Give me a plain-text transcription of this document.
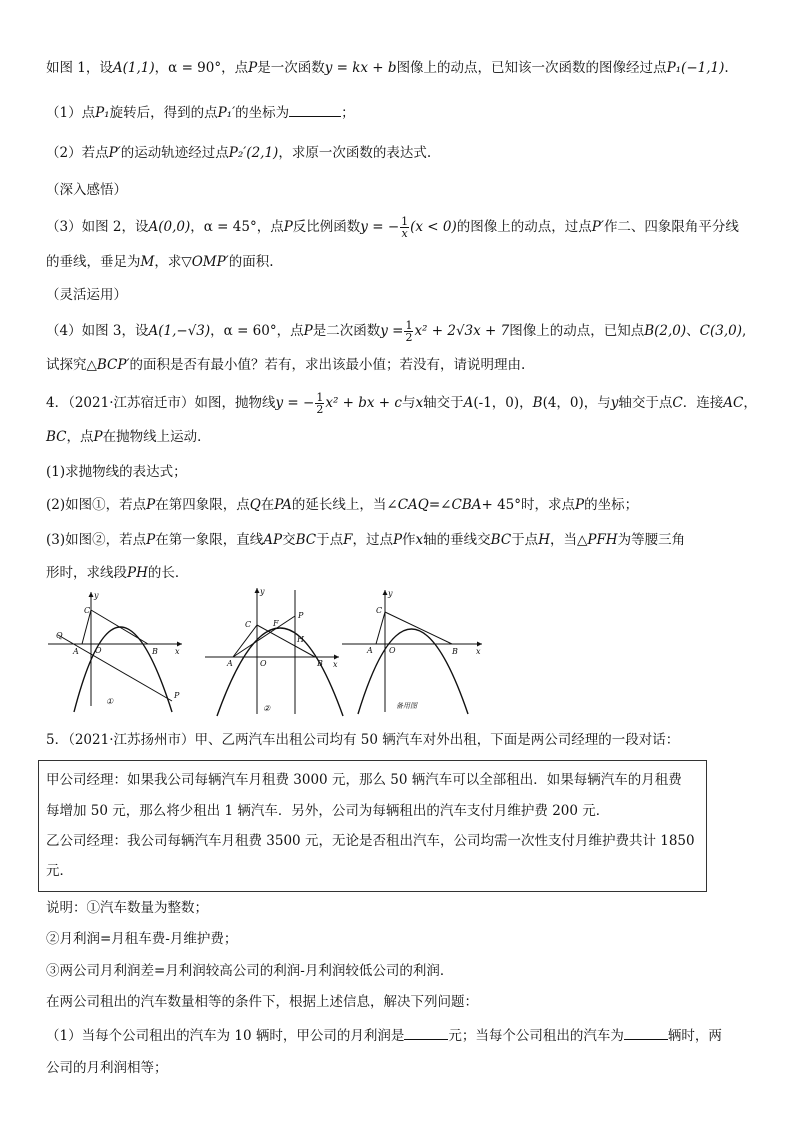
如图 1，设A(1,1)，α = 90°，点P是一次函数y = kx + b图像上的动点，已知该一次函数的图像经过点P₁(−1,1).
（1）点P₁旋转后，得到的点P₁′的坐标为	；
（2）若点P′的运动轨迹经过点P₂′(2,1)，求原一次函数的表达式.
（深入感悟）
（3）如图 2，设A(0,0)，α = 45°，点P反比例函数y = − $\frac{1}{x} (x < 0)$的图像上的动点，过点P′作二、四象限角平分线
的垂线，垂足为M，求▽OMP′的面积.
（灵活运用）
（4）如图 3，设A(1,−√3)，α = 60°，点P是二次函数$y = \frac{1}{2} x^2 + 2√3x + 7$图像上的动点，已知点B(2,0)、C(3,0),
试探究△BCP′的面积是否有最小值？若有，求出该最小值；若没有，请说明理由.
4．（2021·江苏宿迁市）如图，抛物线y = − $\frac{1}{2} x^2$ + bx + c与x轴交于A(-1，0)，B(4，0)，与y轴交于点C．连接AC，
BC，点P在抛物线上运动．
(1)求抛物线的表达式；
(2)如图①，若点P在第四象限，点Q在PA的延长线上，当∠CAQ=∠CBA+ 45°时，求点P的坐标；
(3)如图②，若点P在第一象限，直线AP交BC于点F，过点P作x轴的垂线交BC于点H，当△PFH为等腰三角
形时，求线段PH的长．
y
x
C
Q
A O	B
P
①
y
x
C	F
P
H
A	O	B
②
y
x
C
A O	B
备用图
5．（2021·江苏扬州市）甲、乙两汽车出租公司均有 50 辆汽车对外出租，下面是两公司经理的一段对话：
甲公司经理：如果我公司每辆汽车月租费 3000 元，那么 50 辆汽车可以全部租出．如果每辆汽车的月租费
每增加 50 元，那么将少租出 1 辆汽车．另外，公司为每辆租出的汽车支付月维护费 200 元．
乙公司经理：我公司每辆汽车月租费 3500 元，无论是否租出汽车，公司均需一次性支付月维护费共计 1850
元．
说明：①汽车数量为整数；
②月利润=月租车费-月维护费；
③两公司月利润差=月利润较高公司的利润-月利润较低公司的利润．
在两公司租出的汽车数量相等的条件下，根据上述信息，解决下列问题：
（1）当每个公司租出的汽车为 10 辆时，甲公司的月利润是	元；当每个公司租出的汽车为	辆时，两
公司的月利润相等；
